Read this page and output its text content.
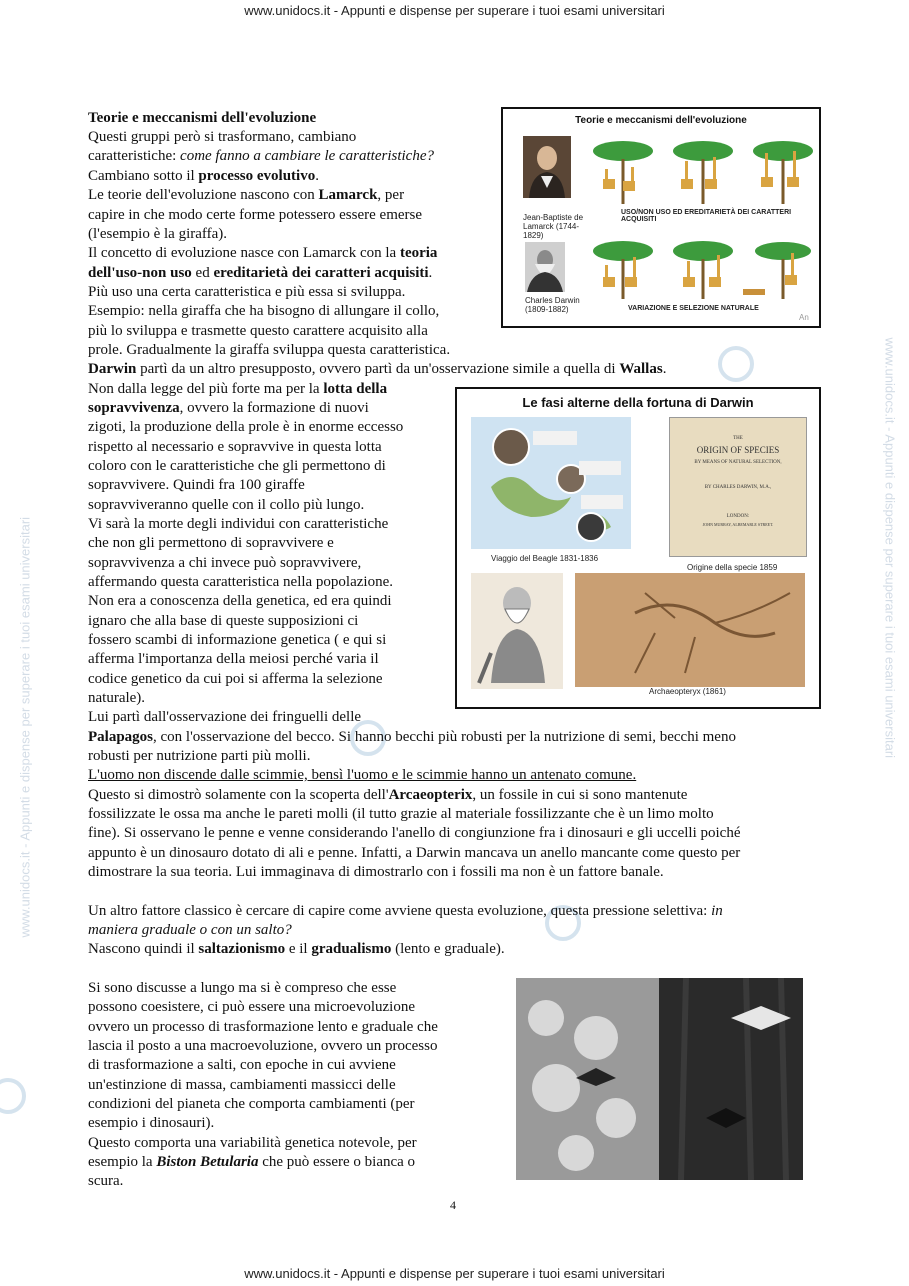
www.unidocs.it - Appunti e dispense per superare i tuoi esami universitari	www.unidocs.it - Appunti e dispense per superare i tuoi esami universitari
www.unidocs.it - Appunti e dispense per superare i tuoi esami universitari
www.unidocs.it - Appunti e dispense per superare i tuoi esami universitari
Teorie e meccanismi dell'evoluzione
Jean-Baptiste de Lamarck (1744-1829)
Charles Darwin (1809-1882)
USO/NON USO ED EREDITARIETÀ DEI CARATTERI ACQUISITI
VARIAZIONE E SELEZIONE NATURALE
An
Le fasi alterne della fortuna di Darwin
Viaggio del Beagle 1831-1836
THE
ORIGIN OF SPECIES
BY MEANS OF NATURAL SELECTION,
BY CHARLES DARWIN, M.A.,
LONDON:
JOHN MURRAY, ALBEMARLE STREET.
Origine della specie 1859
Archaeopteryx (1861)
Teorie e meccanismi dell'evoluzione
Questi gruppi però si trasformano, cambiano
caratteristiche: come fanno a cambiare le caratteristiche?
Cambiano sotto il processo evolutivo.
Le teorie dell'evoluzione nascono con Lamarck, per
capire in che modo certe forme potessero essere emerse
(l'esempio è la giraffa).
Il concetto di evoluzione nasce con Lamarck con la teoria
dell'uso-non uso ed ereditarietà dei caratteri acquisiti.
Più uso una certa caratteristica e più essa si sviluppa.
Esempio: nella giraffa che ha bisogno di allungare il collo,
più lo sviluppa e trasmette questo carattere acquisito alla
prole. Gradualmente la giraffa sviluppa questa caratteristica.
Darwin partì da un altro presupposto, ovvero partì da un'osservazione simile a quella di Wallas.
Non dalla legge del più forte ma per la lotta della
sopravvivenza, ovvero la formazione di nuovi
zigoti, la produzione della prole è in enorme eccesso
rispetto al necessario e sopravvive in questa lotta
coloro con le caratteristiche che gli permettono di
sopravvivere. Quindi fra 100 giraffe
sopravviveranno quelle con il collo più lungo.
Vi sarà la morte degli individui con caratteristiche
che non gli permettono di sopravvivere e
sopravvivenza a chi invece può sopravvivere,
affermando questa caratteristica nella popolazione.
Non era a conoscenza della genetica, ed era quindi
ignaro che alla base di queste supposizioni ci
fossero scambi di informazione genetica ( e qui si
afferma l'importanza della meiosi perché varia il
codice genetico da cui poi si afferma la selezione
naturale).
Lui partì dall'osservazione dei fringuelli delle
Palapagos, con l'osservazione del becco. Si hanno becchi più robusti per la nutrizione di semi, becchi meno
robusti per nutrizione parti più molli.
L'uomo non discende dalle scimmie, bensì l'uomo e le scimmie hanno un antenato comune.
Questo si dimostrò solamente con la scoperta dell'Arcaeopterix, un fossile in cui si sono mantenute
fossilizzate le ossa ma anche le pareti molli (il tutto grazie al materiale fossilizzante che è un limo molto
fine). Si osservano le penne e venne considerando l'anello di congiunzione fra i dinosauri e gli uccelli poiché
appunto è un dinosauro dotato di ali e penne. Infatti, a Darwin mancava un anello mancante come questo per
dimostrare la sua teoria. Lui immaginava di dimostrarlo con i fossili ma non è un fattore banale.
Un altro fattore classico è cercare di capire come avviene questa evoluzione, questa pressione selettiva: in
maniera graduale o con un salto?
Nascono quindi il saltazionismo e il gradualismo (lento e graduale).
Si sono discusse a lungo ma si è compreso che esse
possono coesistere, ci può essere una microevoluzione
ovvero un processo di trasformazione lento e graduale che
lascia il posto a una macroevoluzione, ovvero un processo
di trasformazione a salti, con epoche in cui avviene
un'estinzione di massa, cambiamenti massicci delle
condizioni del pianeta che comporta cambiamenti (per
esempio i dinosauri).
Questo comporta una variabilità genetica notevole, per
esempio la Biston Betularia che può essere o bianca o
scura.
4
